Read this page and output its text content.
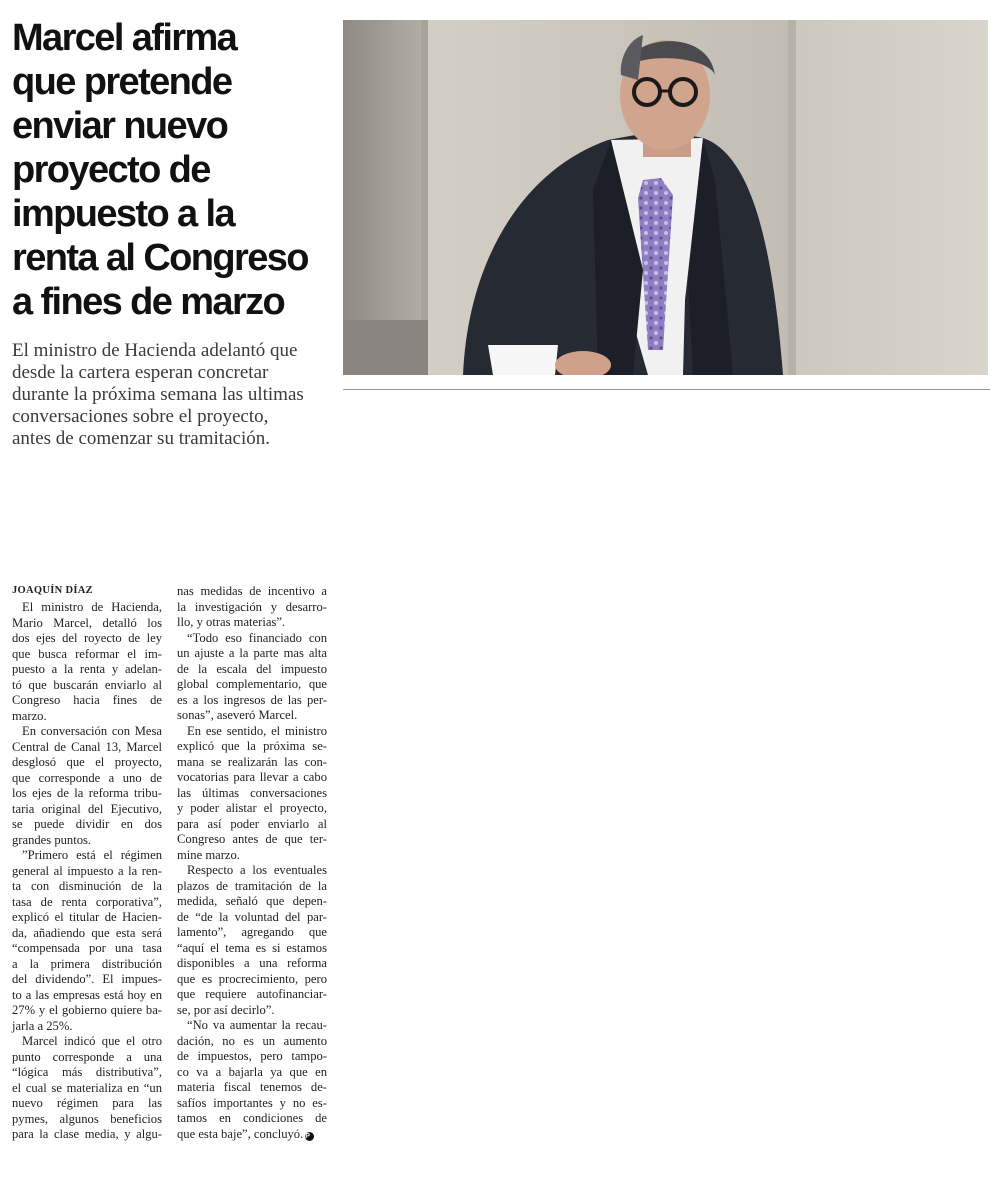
Marcel afirma
que pretende
enviar nuevo
proyecto de
impuesto a la
renta al Congreso
a fines de marzo

El ministro de Hacienda adelantó que
desde la cartera esperan concretar
durante la próxima semana las ultimas
conversaciones sobre el proyecto,
antes de comenzar su tramitación.

JOAQUÍN DÍAZ

El ministro de Hacienda,
Mario Marcel, detalló los
dos ejes del royecto de ley
que busca reformar el im-
puesto a la renta y adelan-
tó que buscarán enviarlo al
Congreso hacia fines de
marzo.
En conversación con Mesa
Central de Canal 13, Marcel
desglosó que el proyecto,
que corresponde a uno de
los ejes de la reforma tribu-
taria original del Ejecutivo,
se puede dividir en dos
grandes puntos.
”Primero está el régimen
general al impuesto a la ren-
ta con disminución de la
tasa de renta corporativa”,
explicó el titular de Hacien-
da, añadiendo que esta será
“compensada por una tasa
a la primera distribución
del dividendo”. El impues-
to a las empresas está hoy en
27% y el gobierno quiere ba-
jarla a 25%.
Marcel indicó que el otro
punto corresponde a una
“lógica más distributiva”,
el cual se materializa en “un
nuevo régimen para las
pymes, algunos beneficios
para la clase media, y algu-
nas medidas de incentivo a
la investigación y desarro-
llo, y otras materias”.
“Todo eso financiado con
un ajuste a la parte mas alta
de la escala del impuesto
global complementario, que
es a los ingresos de las per-
sonas”, aseveró Marcel.
En ese sentido, el ministro
explicó que la próxima se-
mana se realizarán las con-
vocatorias para llevar a cabo
las últimas conversaciones
y poder alistar el proyecto,
para así poder enviarlo al
Congreso antes de que ter-
mine marzo.
Respecto a los eventuales
plazos de tramitación de la
medida, señaló que depen-
de “de la voluntad del par-
lamento”, agregando que
“aquí el tema es si estamos
disponibles a una reforma
que es procrecimiento, pero
que requiere autofinanciar-
se, por así decirlo”.
“No va aumentar la recau-
dación, no es un aumento
de impuestos, pero tampo-
co va a bajarla ya que en
materia fiscal tenemos de-
safíos importantes y no es-
tamos en condiciones de
que esta baje”, concluyó. P
